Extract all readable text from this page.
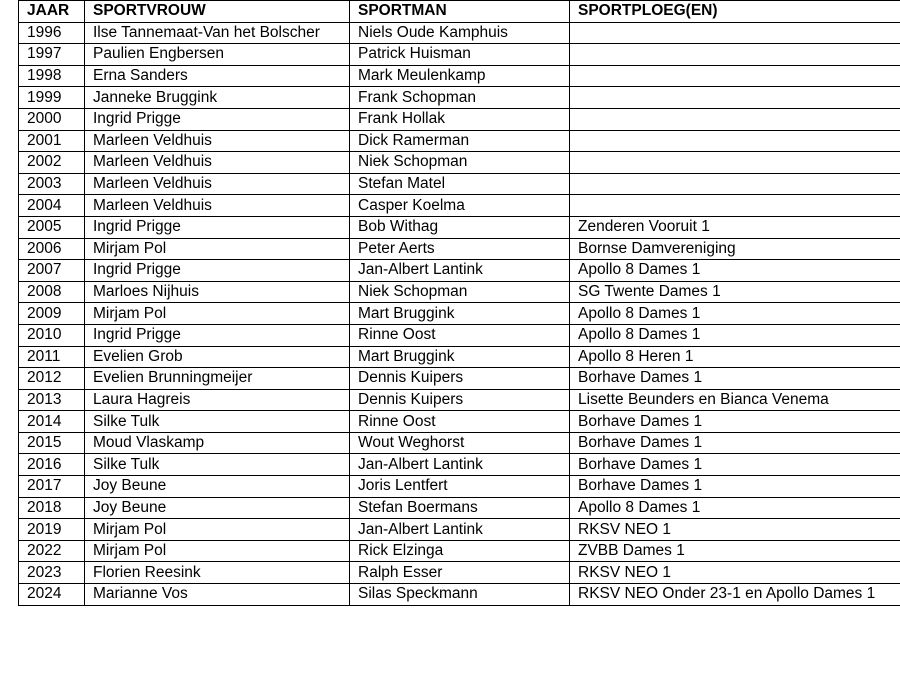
JAAR	SPORTVROUW	SPORTMAN	SPORTPLOEG(EN)
1996	Ilse Tannemaat-Van het Bolscher	Niels Oude Kamphuis	
1997	Paulien Engbersen	Patrick Huisman	
1998	Erna Sanders	Mark Meulenkamp	
1999	Janneke Bruggink	Frank Schopman	
2000	Ingrid Prigge	Frank Hollak	
2001	Marleen Veldhuis	Dick Ramerman	
2002	Marleen Veldhuis	Niek Schopman	
2003	Marleen Veldhuis	Stefan Matel	
2004	Marleen Veldhuis	Casper Koelma	
2005	Ingrid Prigge	Bob Withag	Zenderen Vooruit 1
2006	Mirjam Pol	Peter Aerts	Bornse Damvereniging
2007	Ingrid Prigge	Jan-Albert Lantink	Apollo 8 Dames 1
2008	Marloes Nijhuis	Niek Schopman	SG Twente Dames 1
2009	Mirjam Pol	Mart Bruggink	Apollo 8 Dames 1
2010	Ingrid Prigge	Rinne Oost	Apollo 8 Dames 1
2011	Evelien Grob	Mart Bruggink	Apollo 8 Heren 1
2012	Evelien Brunningmeijer	Dennis Kuipers	Borhave Dames 1
2013	Laura Hagreis	Dennis Kuipers	Lisette Beunders en Bianca Venema
2014	Silke Tulk	Rinne Oost	Borhave Dames 1
2015	Moud Vlaskamp	Wout Weghorst	Borhave Dames 1
2016	Silke Tulk	Jan-Albert Lantink	Borhave Dames 1
2017	Joy Beune	Joris Lentfert	Borhave Dames 1
2018	Joy Beune	Stefan Boermans	Apollo 8 Dames 1
2019	Mirjam Pol	Jan-Albert Lantink	RKSV NEO 1
2022	Mirjam Pol	Rick Elzinga	ZVBB Dames 1
2023	Florien Reesink	Ralph Esser	RKSV NEO 1
2024	Marianne Vos	Silas Speckmann	RKSV NEO Onder 23-1 en Apollo Dames 1
